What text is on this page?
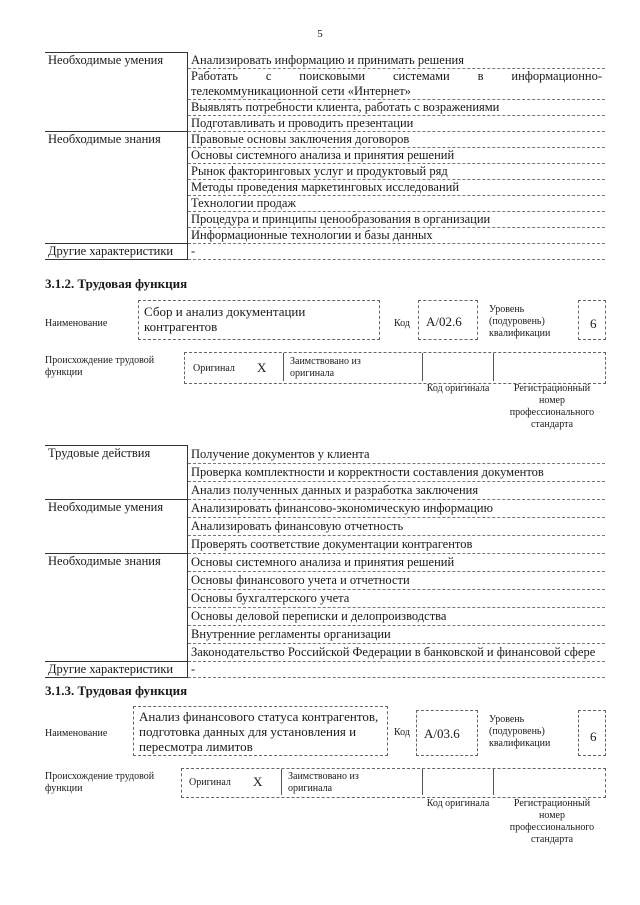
5
Необходимые умения	Анализировать информацию и принимать решения
	Работать с поисковыми системами в информационно-телекоммуникационной сети «Интернет»
	Выявлять потребности клиента, работать с возражениями
	Подготавливать и проводить презентации
Необходимые знания	Правовые основы заключения договоров
	Основы системного анализа и принятия решений
	Рынок факторинговых услуг и продуктовый ряд
	Методы проведения маркетинговых исследований
	Технологии продаж
	Процедура и принципы ценообразования в организации
	Информационные технологии и базы данных
Другие характеристики	-
3.1.2. Трудовая функция
Наименование
Сбор и анализ документации контрагентов	Код A/02.6
Уровень (подуровень) квалификации
6
Происхождение трудовой функции	Оригинал X Заимствовано из оригинала
Код оригинала	Регистрационный номер профессионального стандарта
Трудовые действия	Получение документов у клиента
	Проверка комплектности и корректности составления документов
	Анализ полученных данных и разработка заключения
Необходимые умения	Анализировать финансово-экономическую информацию
	Анализировать финансовую отчетность
	Проверять соответствие документации контрагентов
Необходимые знания	Основы системного анализа и принятия решений
	Основы финансового учета и отчетности
	Основы бухгалтерского учета
	Основы деловой переписки и делопроизводства
	Внутренние регламенты организации
	Законодательство Российской Федерации в банковской и финансовой сфере
Другие характеристики	-
3.1.3. Трудовая функция
Наименование
Анализ финансового статуса контрагентов, подготовка данных для установления и пересмотра лимитов
Код A/03.6
Уровень (подуровень) квалификации	6
Происхождение трудовой функции
Оригинал X	Заимствовано из оригинала
Код оригинала	Регистрационный номер профессионального стандарта
